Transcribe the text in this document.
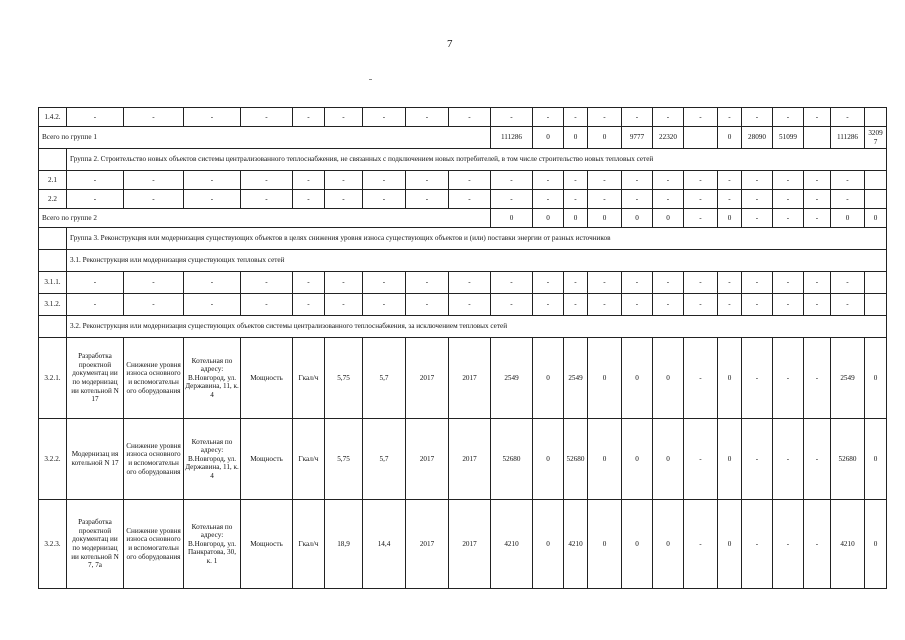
7
1.4.2.	-	-	-	-	-	-	-	-	-	-	-	-	-	-	-	-	-	-	-	-	-	
Всего по группе 1										111286	0	0	0	9777	22320		0	28090	51099		111286	3209
7
	Группа 2. Строительство новых объектов системы централизованного теплоснабжения, не связанных с подключением новых потребителей, в том числе строительство новых тепловых сетей																					
2.1	-	-	-	-	-	-	-	-	-	-	-	-	-	-	-	-	-	-	-	-	-	
2.2	-	-	-	-	-	-	-	-	-	-	-	-	-	-	-	-	-	-	-	-	-	
Всего по группе 2										0	0	0	0	0	0	-	0	-	-	-	0	0
	Группа 3. Реконструкция или модернизация существующих объектов в целях снижения уровня износа существующих объектов и (или) поставки энергии от разных источников																					
	3.1. Реконструкция или модернизация существующих тепловых сетей																					
3.1.1.	-	-	-	-	-	-	-	-	-	-	-	-	-	-	-	-	-	-	-	-	-	
3.1.2.	-	-	-	-	-	-	-	-	-	-	-	-	-	-	-	-	-	-	-	-	-	
	3.2. Реконструкция или модернизация существующих объектов системы централизованного теплоснабжения, за исключением тепловых сетей																					
3.2.1.	Разработка проектной документац ии по модернизац ии котельной N 17	Снижение уровня износа основного и вспомогательн ого оборудования	Котельная по адресу: В.Новгород, ул. Державина, 11, к. 4	Мощность	Гкал/ч	5,75	5,7	2017	2017	2549	0	2549	0	0	0	-	0	-	-	-	2549	0
3.2.2.	Модернизац ия котельной N 17	Снижение уровня износа основного и вспомогательн ого оборудования	Котельная по адресу: В.Новгород, ул. Державина, 11, к. 4	Мощность	Гкал/ч	5,75	5,7	2017	2017	52680	0	52680	0	0	0	-	0	-	-	-	52680	0
3.2.3.	Разработка проектной документац ии по модернизац ии котельной N 7, 7а	Снижение уровня износа основного и вспомогательн ого оборудования	Котельная по адресу: В.Новгород, ул. Панкратова, 30, к. 1	Мощность	Гкал/ч	18,9	14,4	2017	2017	4210	0	4210	0	0	0	-	0	-	-	-	4210	0
